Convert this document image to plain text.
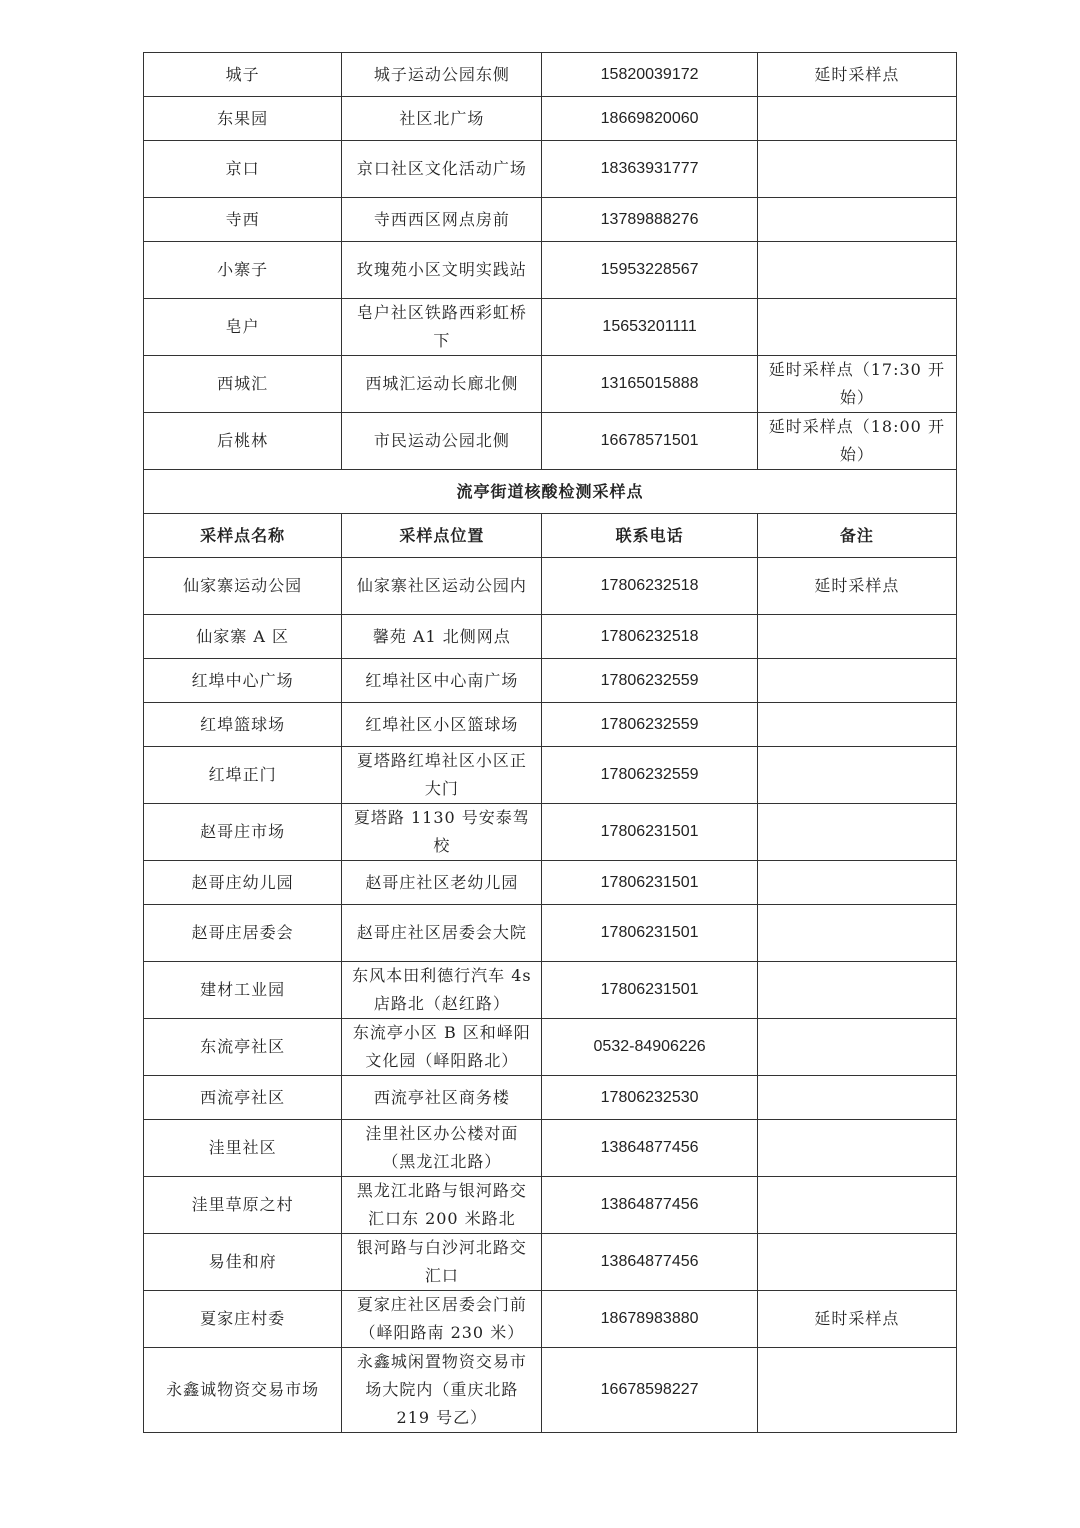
城子	城子运动公园东侧	15820039172	延时采样点
东果园	社区北广场	18669820060	
京口	京口社区文化活动广场	18363931777	
寺西	寺西西区网点房前	13789888276	
小寨子	玫瑰苑小区文明实践站	15953228567	
皂户	皂户社区铁路西彩虹桥下	15653201111	
西城汇	西城汇运动长廊北侧	13165015888	延时采样点（17:30 开始）
后桃林	市民运动公园北侧	16678571501	延时采样点（18:00 开始）
流亭街道核酸检测采样点			
采样点名称	采样点位置	联系电话	备注
仙家寨运动公园	仙家寨社区运动公园内	17806232518	延时采样点
仙家寨 A 区	馨苑 A1 北侧网点	17806232518	
红埠中心广场	红埠社区中心南广场	17806232559	
红埠篮球场	红埠社区小区篮球场	17806232559	
红埠正门	夏塔路红埠社区小区正大门	17806232559	
赵哥庄市场	夏塔路 1130 号安泰驾校	17806231501	
赵哥庄幼儿园	赵哥庄社区老幼儿园	17806231501	
赵哥庄居委会	赵哥庄社区居委会大院	17806231501	
建材工业园	东风本田利德行汽车 4s 店路北（赵红路）	17806231501	
东流亭社区	东流亭小区 B 区和峄阳文化园（峄阳路北）	0532-84906226	
西流亭社区	西流亭社区商务楼	17806232530	
洼里社区	洼里社区办公楼对面（黑龙江北路）	13864877456	
洼里草原之村	黑龙江北路与银河路交汇口东 200 米路北	13864877456	
易佳和府	银河路与白沙河北路交汇口	13864877456	
夏家庄村委	夏家庄社区居委会门前（峄阳路南 230 米）	18678983880	延时采样点
永鑫诚物资交易市场	永鑫城闲置物资交易市场大院内（重庆北路 219 号乙）	16678598227	
